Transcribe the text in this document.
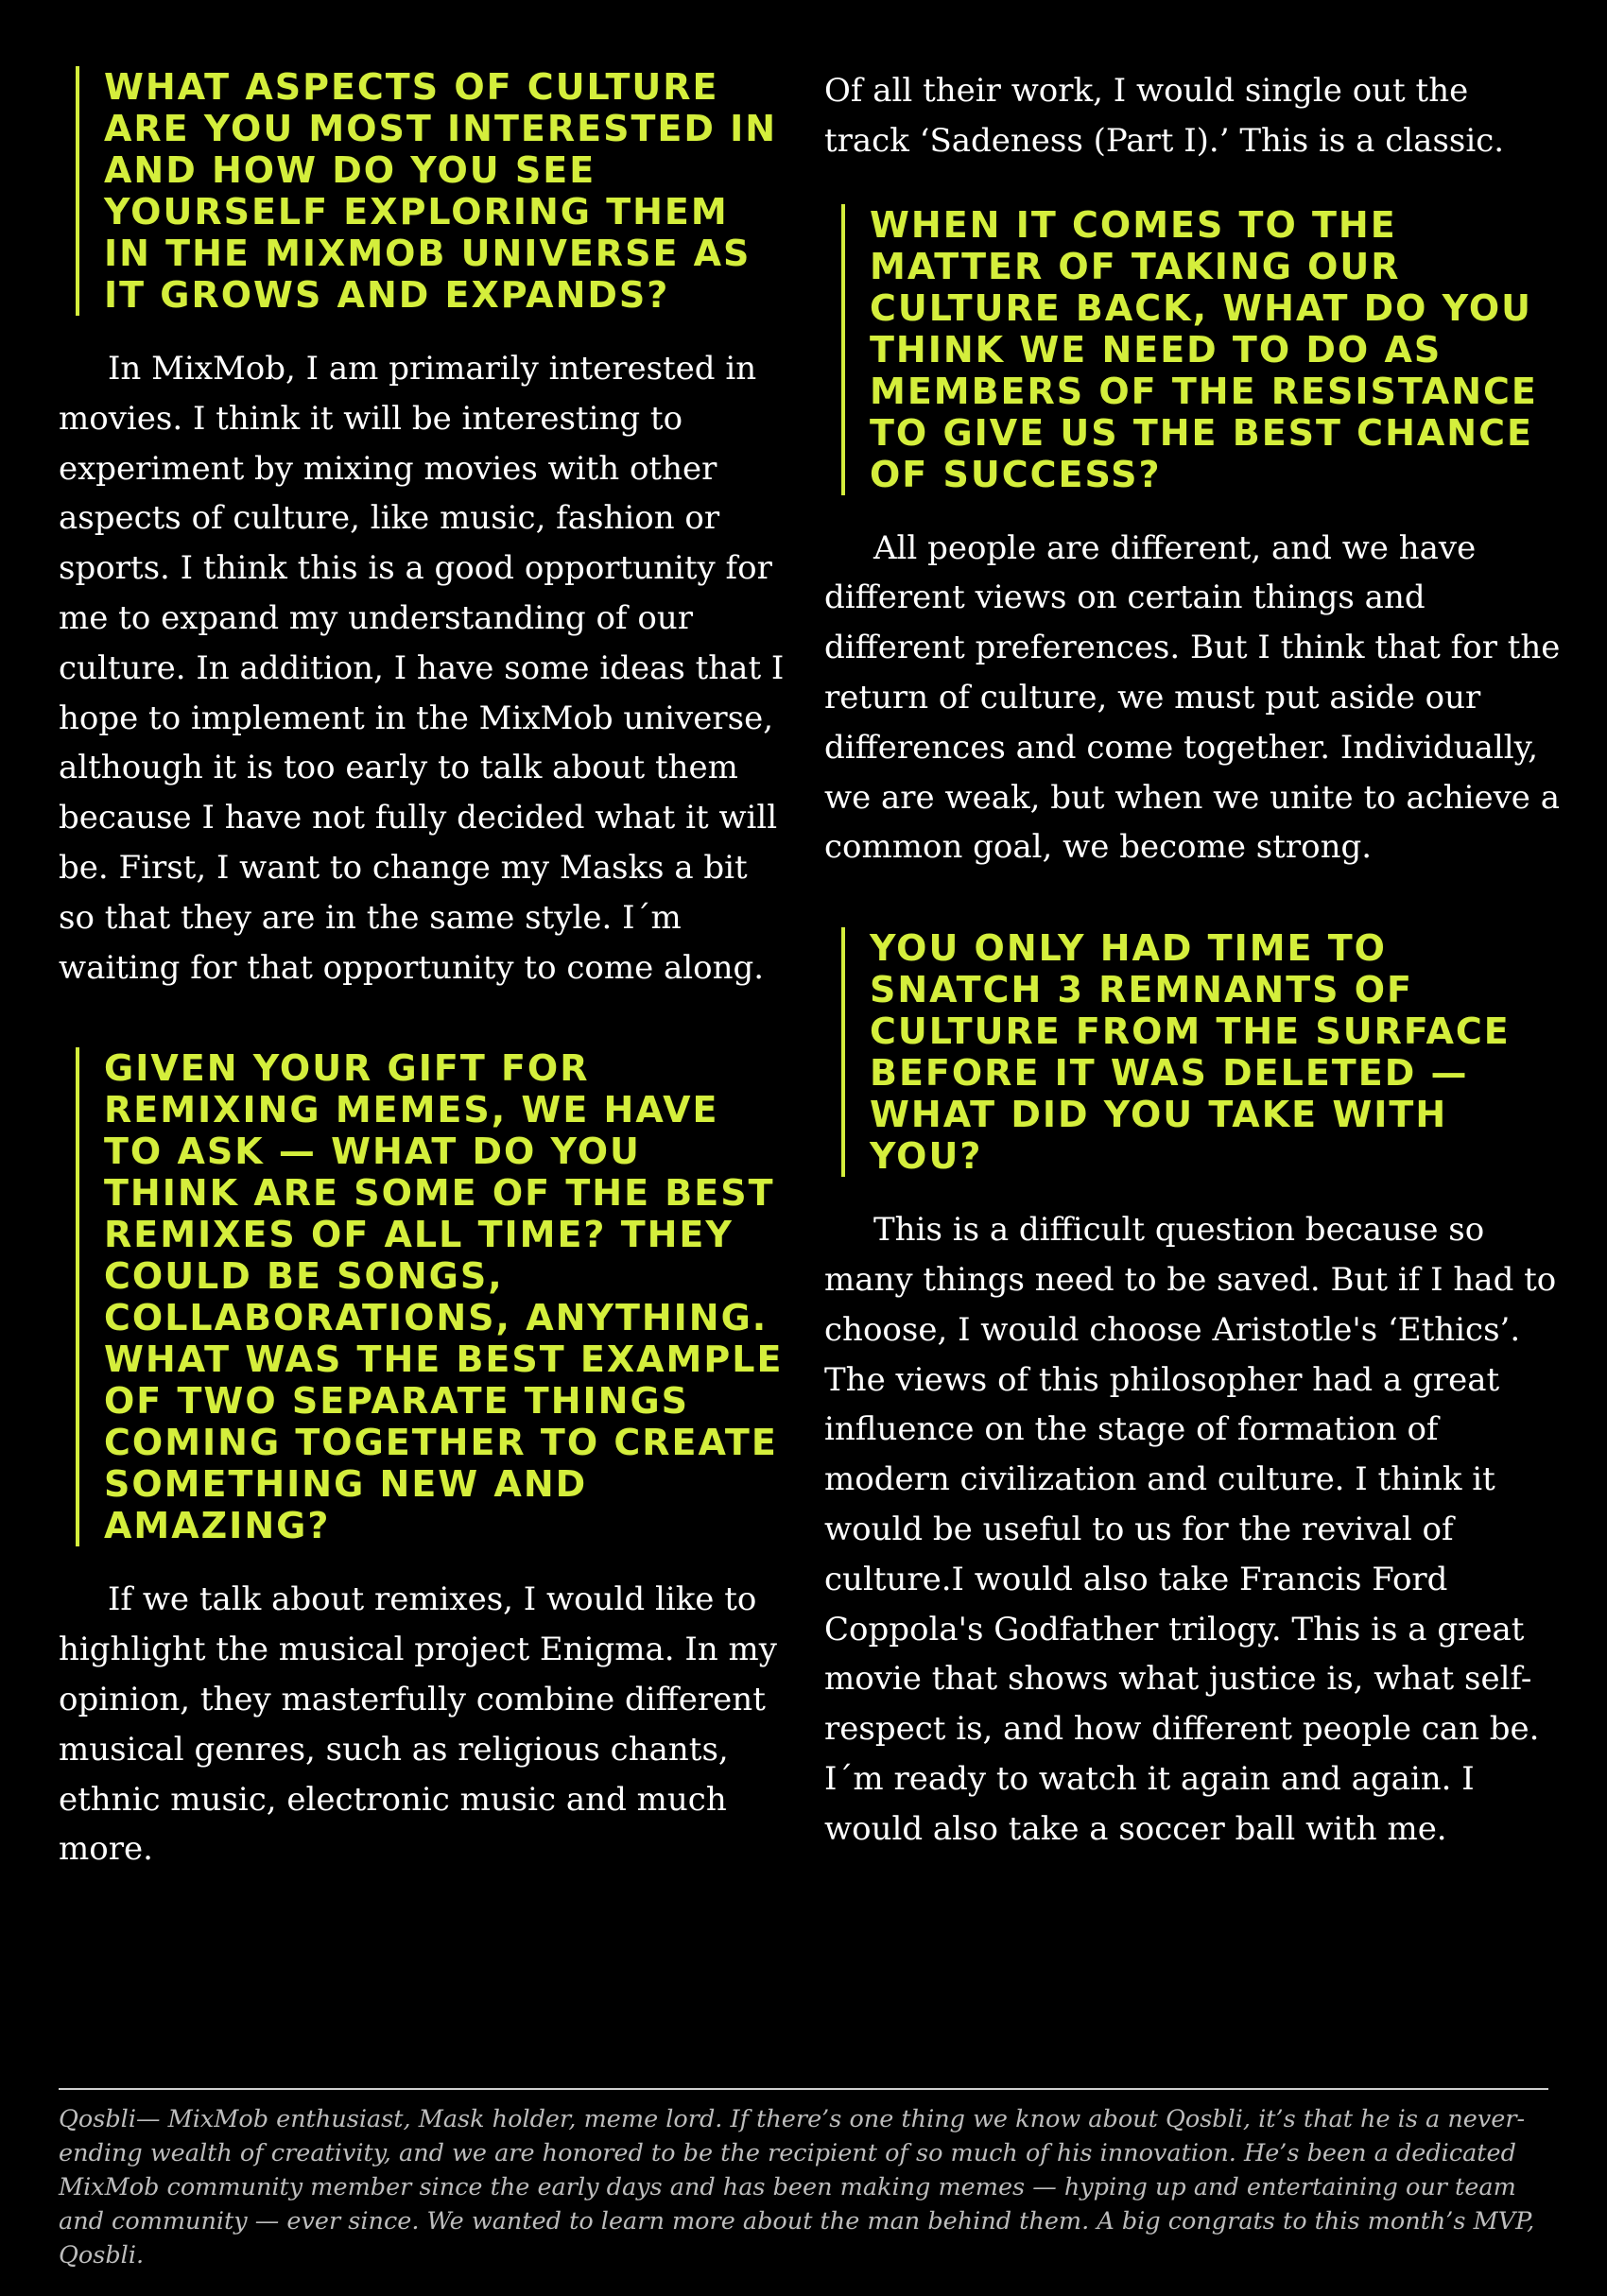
WHAT ASPECTS OF CULTURE ARE YOU MOST INTERESTED IN AND HOW DO YOU SEE YOURSELF EXPLORING THEM IN THE MIXMOB UNIVERSE AS IT GROWS AND EXPANDS?

In MixMob, I am primarily interested in movies. I think it will be interesting to experiment by mixing movies with other aspects of culture, like music, fashion or sports. I think this is a good opportunity for me to expand my understanding of our culture. In addition, I have some ideas that I hope to implement in the MixMob universe, although it is too early to talk about them because I have not fully decided what it will be. First, I want to change my Masks a bit so that they are in the same style. I´m waiting for that opportunity to come along.

GIVEN YOUR GIFT FOR REMIXING MEMES, WE HAVE TO ASK — WHAT DO YOU THINK ARE SOME OF THE BEST REMIXES OF ALL TIME? THEY COULD BE SONGS, COLLABORATIONS, ANYTHING. WHAT WAS THE BEST EXAMPLE OF TWO SEPARATE THINGS COMING TOGETHER TO CREATE SOMETHING NEW AND AMAZING?

If we talk about remixes, I would like to highlight the musical project Enigma. In my opinion, they masterfully combine different musical genres, such as religious chants, ethnic music, electronic music and much more.

Of all their work, I would single out the track ‘Sadeness (Part I).’ This is a classic.

WHEN IT COMES TO THE MATTER OF TAKING OUR CULTURE BACK, WHAT DO YOU THINK WE NEED TO DO AS MEMBERS OF THE RESISTANCE TO GIVE US THE BEST CHANCE OF SUCCESS?

All people are different, and we have different views on certain things and different preferences. But I think that for the return of culture, we must put aside our differences and come together. Individually, we are weak, but when we unite to achieve a common goal, we become strong.

YOU ONLY HAD TIME TO SNATCH 3 REMNANTS OF CULTURE FROM THE SURFACE BEFORE IT WAS DELETED — WHAT DID YOU TAKE WITH YOU?

This is a difficult question because so many things need to be saved. But if I had to choose, I would choose Aristotle's ‘Ethics’. The views of this philosopher had a great influence on the stage of formation of modern civilization and culture. I think it would be useful to us for the revival of culture.I would also take Francis Ford Coppola's Godfather trilogy. This is a great movie that shows what justice is, what self-respect is, and how different people can be. I´m ready to watch it again and again. I would also take a soccer ball with me.

Qosbli— MixMob enthusiast, Mask holder, meme lord. If there’s one thing we know about Qosbli, it’s that he is a never-ending wealth of creativity, and we are honored to be the recipient of so much of his innovation. He’s been a dedicated MixMob community member since the early days and has been making memes — hyping up and entertaining our team and community — ever since. We wanted to learn more about the man behind them. A big congrats to this month’s MVP, Qosbli.
